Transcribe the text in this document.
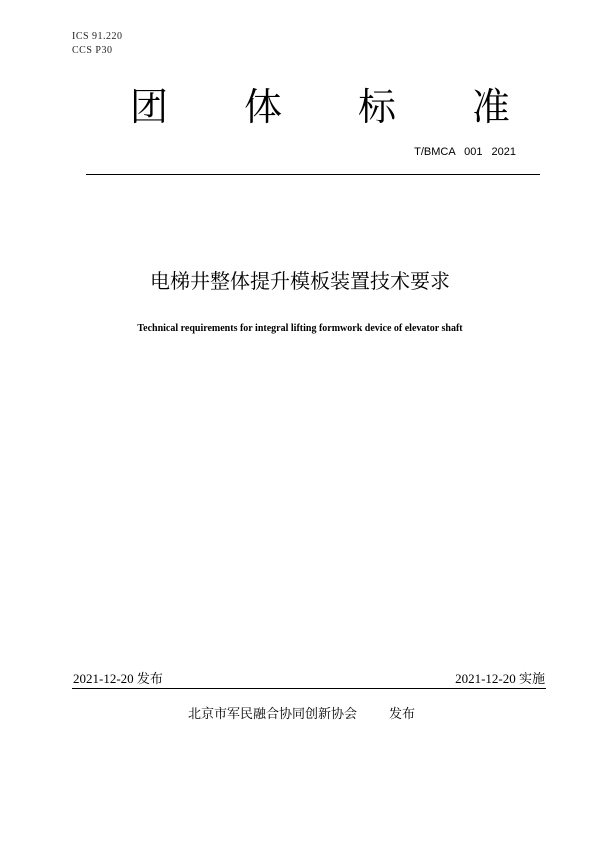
ICS 91.220
CCS P30
团 体 标 准
T/BMCA 001 2021
电梯井整体提升模板装置技术要求
Technical requirements for integral lifting formwork device of elevator shaft
2021-12-20 发布	2021-12-20 实施
北京市军民融合协同创新协会 发布
